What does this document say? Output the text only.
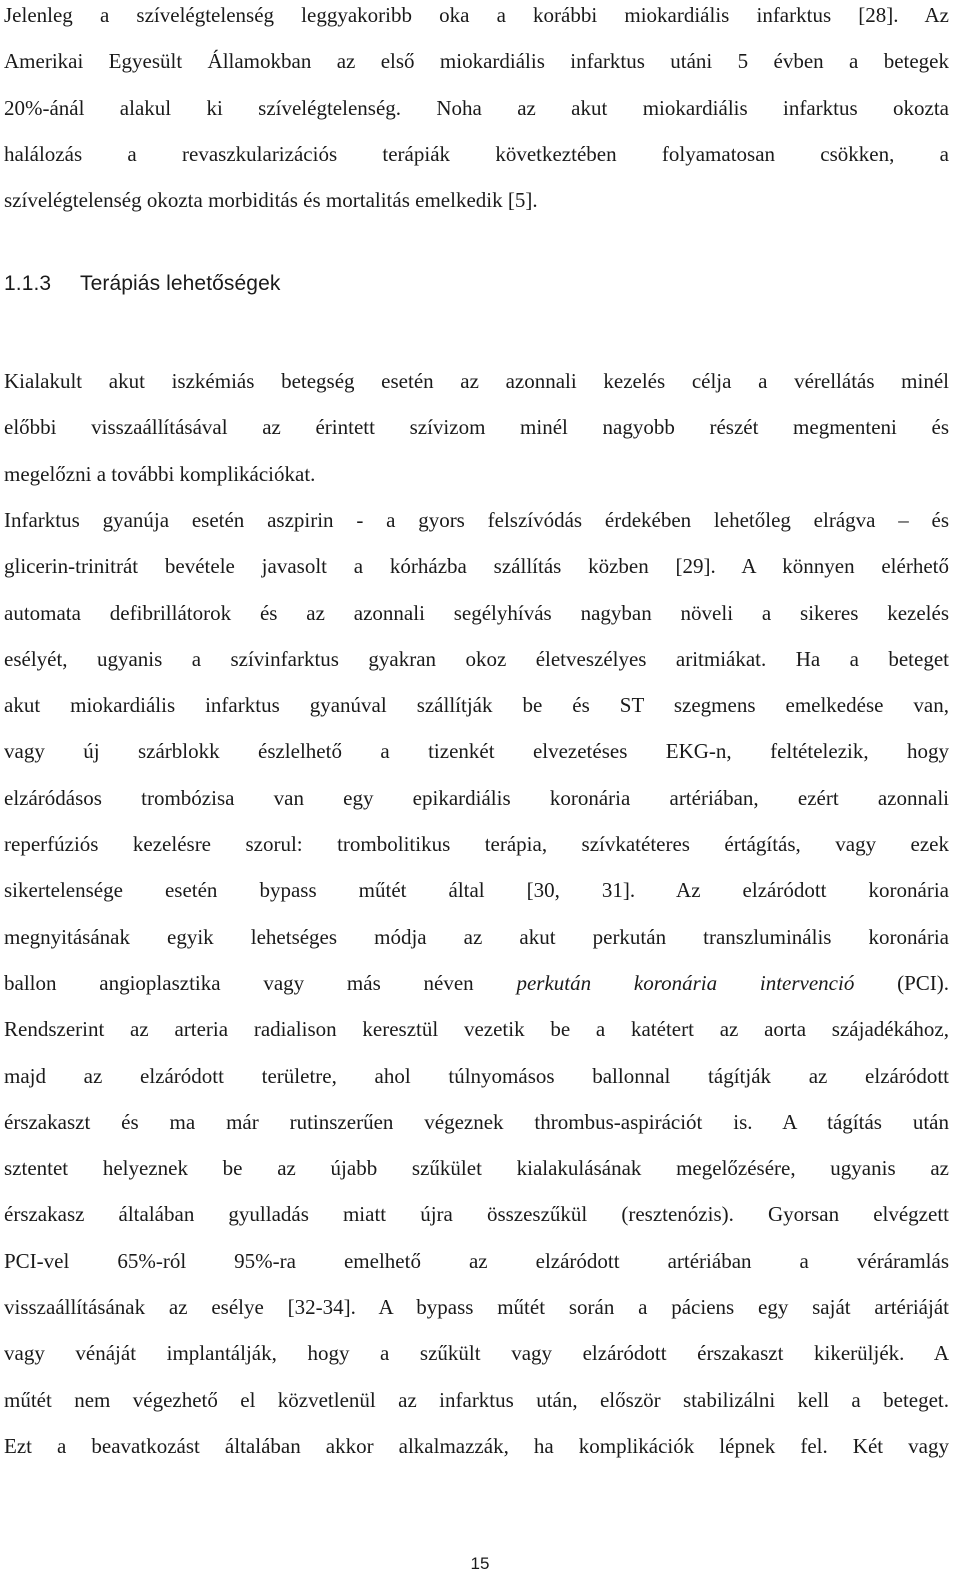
Jelenleg a szívelégtelenség leggyakoribb oka a korábbi miokardiális infarktus [28]. Az
Amerikai Egyesült Államokban az első miokardiális infarktus utáni 5 évben a betegek
20%-ánál alakul ki szívelégtelenség. Noha az akut miokardiális infarktus okozta
halálozás a revaszkularizációs terápiák következtében folyamatosan csökken, a
szívelégtelenség okozta morbiditás és mortalitás emelkedik [5].
1.1.3 Terápiás lehetőségek
Kialakult akut iszkémiás betegség esetén az azonnali kezelés célja a vérellátás minél
előbbi visszaállításával az érintett szívizom minél nagyobb részét megmenteni és
megelőzni a további komplikációkat.
Infarktus gyanúja esetén aszpirin - a gyors felszívódás érdekében lehetőleg elrágva – és
glicerin-trinitrát bevétele javasolt a kórházba szállítás közben [29]. A könnyen elérhető
automata defibrillátorok és az azonnali segélyhívás nagyban növeli a sikeres kezelés
esélyét, ugyanis a szívinfarktus gyakran okoz életveszélyes aritmiákat. Ha a beteget
akut miokardiális infarktus gyanúval szállítják be és ST szegmens emelkedése van,
vagy új szárblokk észlelhető a tizenkét elvezetéses EKG-n, feltételezik, hogy
elzáródásos trombózisa van egy epikardiális koronária artériában, ezért azonnali
reperfúziós kezelésre szorul: trombolitikus terápia, szívkatéteres értágítás, vagy ezek
sikertelensége esetén bypass műtét által [30, 31]. Az elzáródott koronária
megnyitásának egyik lehetséges módja az akut perkután transzluminális koronária
ballon angioplasztika vagy más néven perkután koronária intervenció (PCI).
Rendszerint az arteria radialison keresztül vezetik be a katétert az aorta szájadékához,
majd az elzáródott területre, ahol túlnyomásos ballonnal tágítják az elzáródott
érszakaszt és ma már rutinszerűen végeznek thrombus-aspirációt is. A tágítás után
sztentet helyeznek be az újabb szűkület kialakulásának megelőzésére, ugyanis az
érszakasz általában gyulladás miatt újra összeszűkül (resztenózis). Gyorsan elvégzett
PCI-vel 65%-ról 95%-ra emelhető az elzáródott artériában a véráramlás
visszaállításának az esélye [32-34]. A bypass műtét során a páciens egy saját artériáját
vagy vénáját implantálják, hogy a szűkült vagy elzáródott érszakaszt kikerüljék. A
műtét nem végezhető el közvetlenül az infarktus után, először stabilizálni kell a beteget.
Ezt a beavatkozást általában akkor alkalmazzák, ha komplikációk lépnek fel. Két vagy
15
